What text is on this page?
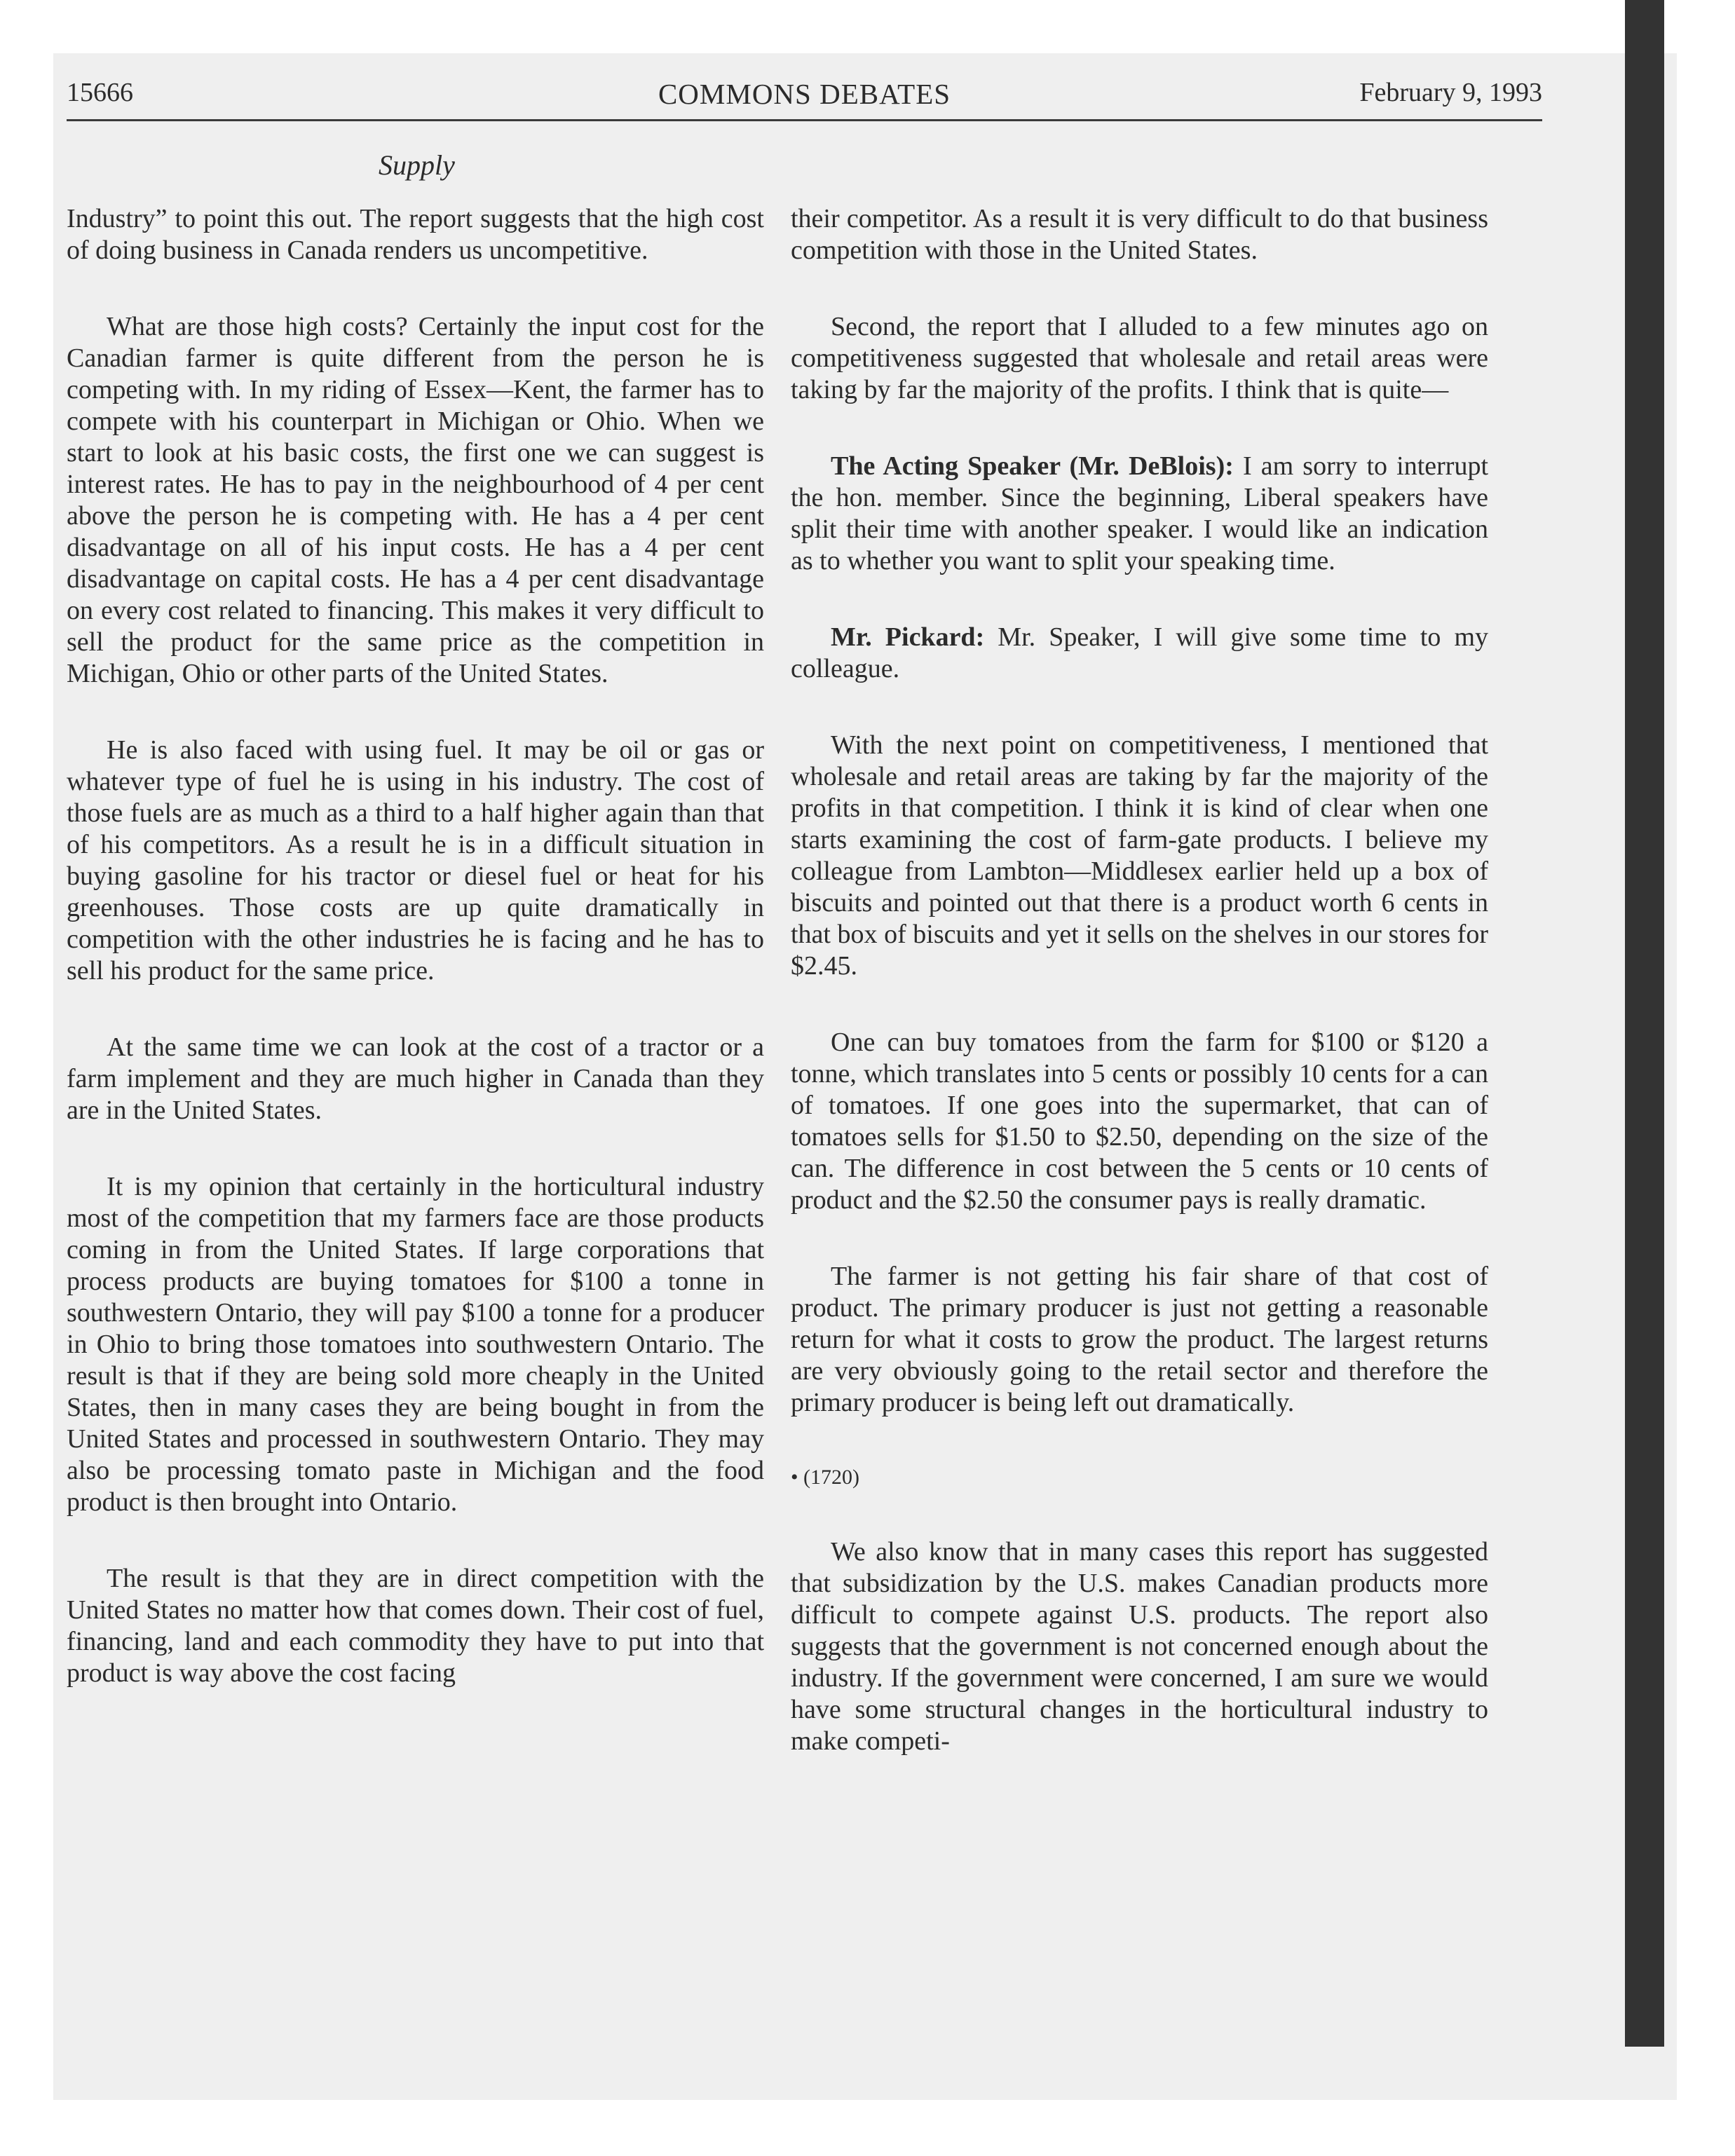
15666	COMMONS DEBATES	February 9, 1993
Supply

Industry” to point this out. The report suggests that the high cost of doing business in Canada renders us uncompetitive.

What are those high costs? Certainly the input cost for the Canadian farmer is quite different from the person he is competing with. In my riding of Essex—Kent, the farmer has to compete with his counterpart in Michigan or Ohio. When we start to look at his basic costs, the first one we can suggest is interest rates. He has to pay in the neighbourhood of 4 per cent above the person he is competing with. He has a 4 per cent disadvantage on all of his input costs. He has a 4 per cent disadvantage on capital costs. He has a 4 per cent disadvantage on every cost related to financing. This makes it very difficult to sell the product for the same price as the competition in Michigan, Ohio or other parts of the United States.

He is also faced with using fuel. It may be oil or gas or whatever type of fuel he is using in his industry. The cost of those fuels are as much as a third to a half higher again than that of his competitors. As a result he is in a difficult situation in buying gasoline for his tractor or diesel fuel or heat for his greenhouses. Those costs are up quite dramatically in competition with the other industries he is facing and he has to sell his product for the same price.

At the same time we can look at the cost of a tractor or a farm implement and they are much higher in Canada than they are in the United States.

It is my opinion that certainly in the horticultural industry most of the competition that my farmers face are those products coming in from the United States. If large corporations that process products are buying tomatoes for $100 a tonne in southwestern Ontario, they will pay $100 a tonne for a producer in Ohio to bring those tomatoes into southwestern Ontario. The result is that if they are being sold more cheaply in the United States, then in many cases they are being bought in from the United States and processed in southwestern Ontario. They may also be processing tomato paste in Michigan and the food product is then brought into Ontario.

The result is that they are in direct competition with the United States no matter how that comes down. Their cost of fuel, financing, land and each commodity they have to put into that product is way above the cost facing

their competitor. As a result it is very difficult to do that business competition with those in the United States.

Second, the report that I alluded to a few minutes ago on competitiveness suggested that wholesale and retail areas were taking by far the majority of the profits. I think that is quite—

The Acting Speaker (Mr. DeBlois): I am sorry to interrupt the hon. member. Since the beginning, Liberal speakers have split their time with another speaker. I would like an indication as to whether you want to split your speaking time.

Mr. Pickard: Mr. Speaker, I will give some time to my colleague.

With the next point on competitiveness, I mentioned that wholesale and retail areas are taking by far the majority of the profits in that competition. I think it is kind of clear when one starts examining the cost of farm-gate products. I believe my colleague from Lambton—Middlesex earlier held up a box of biscuits and pointed out that there is a product worth 6 cents in that box of biscuits and yet it sells on the shelves in our stores for $2.45.

One can buy tomatoes from the farm for $100 or $120 a tonne, which translates into 5 cents or possibly 10 cents for a can of tomatoes. If one goes into the supermarket, that can of tomatoes sells for $1.50 to $2.50, depending on the size of the can. The difference in cost between the 5 cents or 10 cents of product and the $2.50 the consumer pays is really dramatic.

The farmer is not getting his fair share of that cost of product. The primary producer is just not getting a reasonable return for what it costs to grow the product. The largest returns are very obviously going to the retail sector and therefore the primary producer is being left out dramatically.

• (1720)

We also know that in many cases this report has suggested that subsidization by the U.S. makes Canadian products more difficult to compete against U.S. products. The report also suggests that the government is not concerned enough about the industry. If the government were concerned, I am sure we would have some structural changes in the horticultural industry to make competi-
